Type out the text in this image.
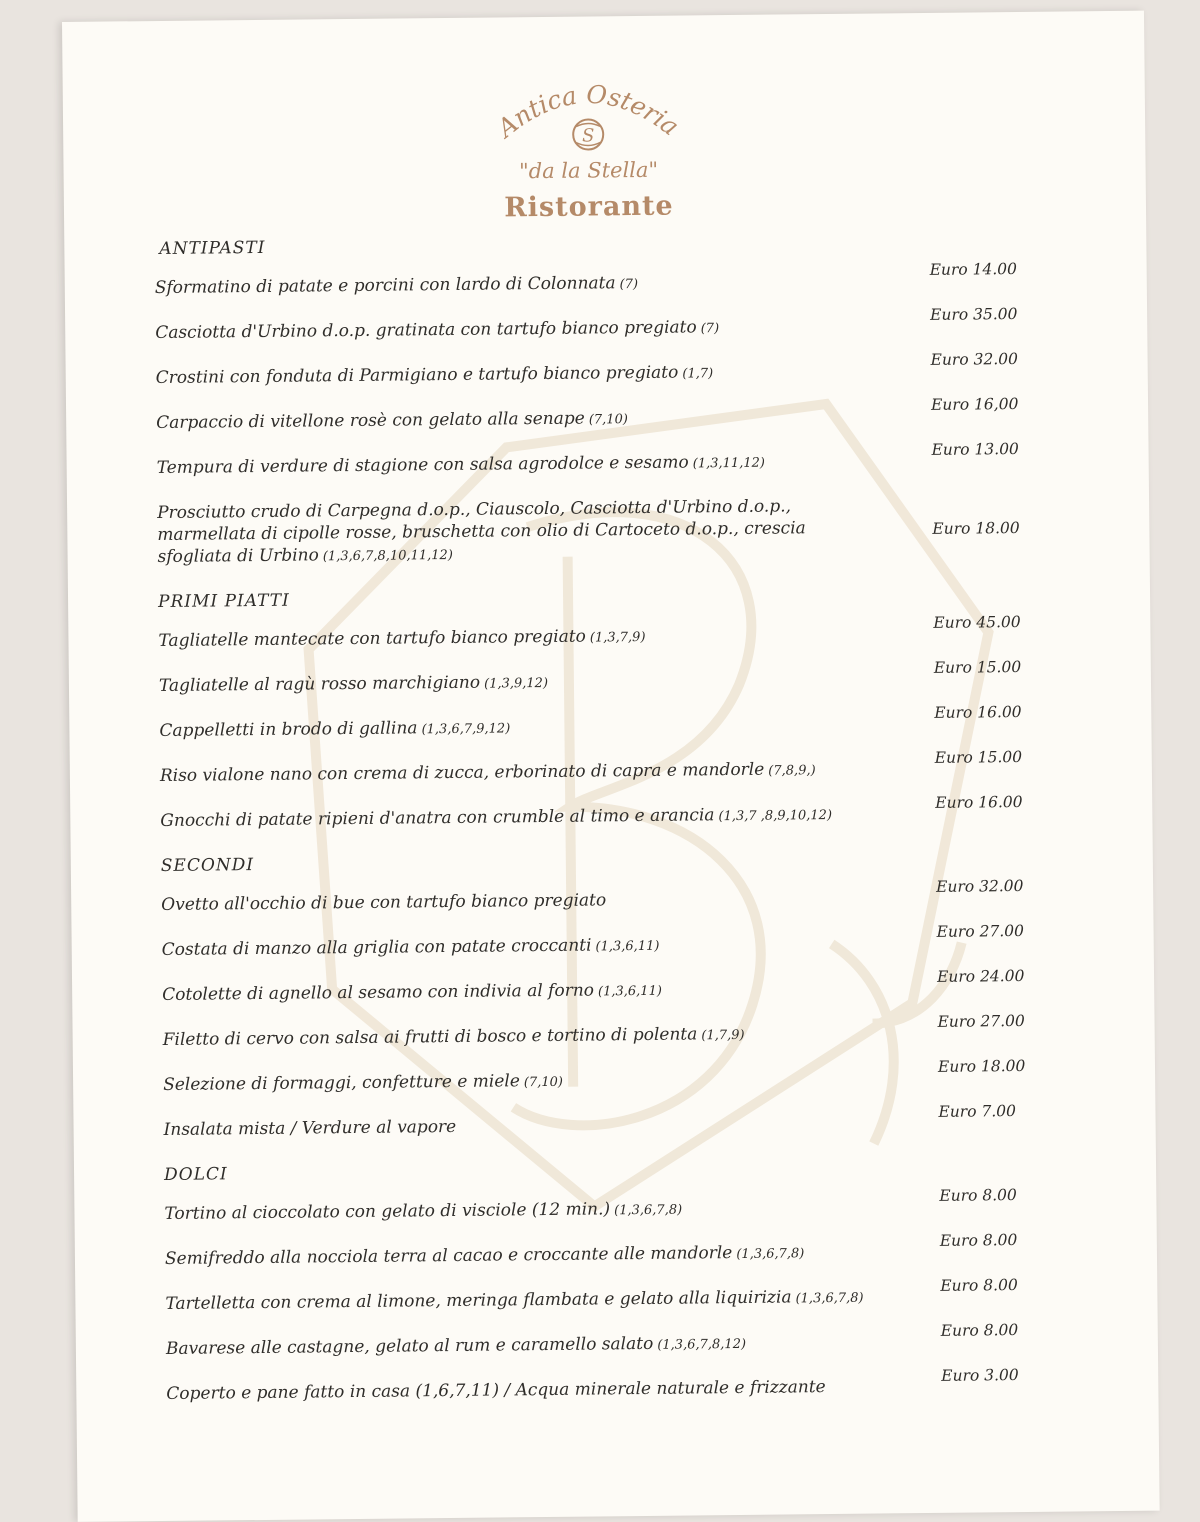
Antica Osteria
S
"da la Stella"
Ristorante
ANTIPASTI
Sformatino di patate e porcini con lardo di Colonnata (7)
Euro 14.00
Casciotta d'Urbino d.o.p. gratinata con tartufo bianco pregiato (7)
Euro 35.00
Crostini con fonduta di Parmigiano e tartufo bianco pregiato (1,7)
Euro 32.00
Carpaccio di vitellone rosè con gelato alla senape (7,10)
Euro 16,00
Tempura di verdure di stagione con salsa agrodolce e sesamo (1,3,11,12)
Euro 13.00
Prosciutto crudo di Carpegna d.o.p., Ciauscolo, Casciotta d'Urbino d.o.p., marmellata di cipolle rosse, bruschetta con olio di Cartoceto d.o.p., crescia sfogliata di Urbino (1,3,6,7,8,10,11,12)
Euro 18.00
PRIMI PIATTI
Tagliatelle mantecate con tartufo bianco pregiato (1,3,7,9)
Euro 45.00
Tagliatelle al ragù rosso marchigiano (1,3,9,12)
Euro 15.00
Cappelletti in brodo di gallina (1,3,6,7,9,12)
Euro 16.00
Riso vialone nano con crema di zucca, erborinato di capra e mandorle (7,8,9,)
Euro 15.00
Gnocchi di patate ripieni d'anatra con crumble al timo e arancia (1,3,7 ,8,9,10,12)
Euro 16.00
SECONDI
Ovetto all'occhio di bue con tartufo bianco pregiato
Euro 32.00
Costata di manzo alla griglia con patate croccanti (1,3,6,11)
Euro 27.00
Cotolette di agnello al sesamo con indivia al forno (1,3,6,11)
Euro 24.00
Filetto di cervo con salsa ai frutti di bosco e tortino di polenta (1,7,9)
Euro 27.00
Selezione di formaggi, confetture e miele (7,10)
Euro 18.00
Insalata mista / Verdure al vapore
Euro 7.00
DOLCI
Tortino al cioccolato con gelato di visciole (12 min.) (1,3,6,7,8)
Euro 8.00
Semifreddo alla nocciola terra al cacao e croccante alle mandorle (1,3,6,7,8)
Euro 8.00
Tartelletta con crema al limone, meringa flambata e gelato alla liquirizia (1,3,6,7,8)
Euro 8.00
Bavarese alle castagne, gelato al rum e caramello salato (1,3,6,7,8,12)
Euro 8.00
Coperto e pane fatto in casa (1,6,7,11) / Acqua minerale naturale e frizzante
Euro 3.00
